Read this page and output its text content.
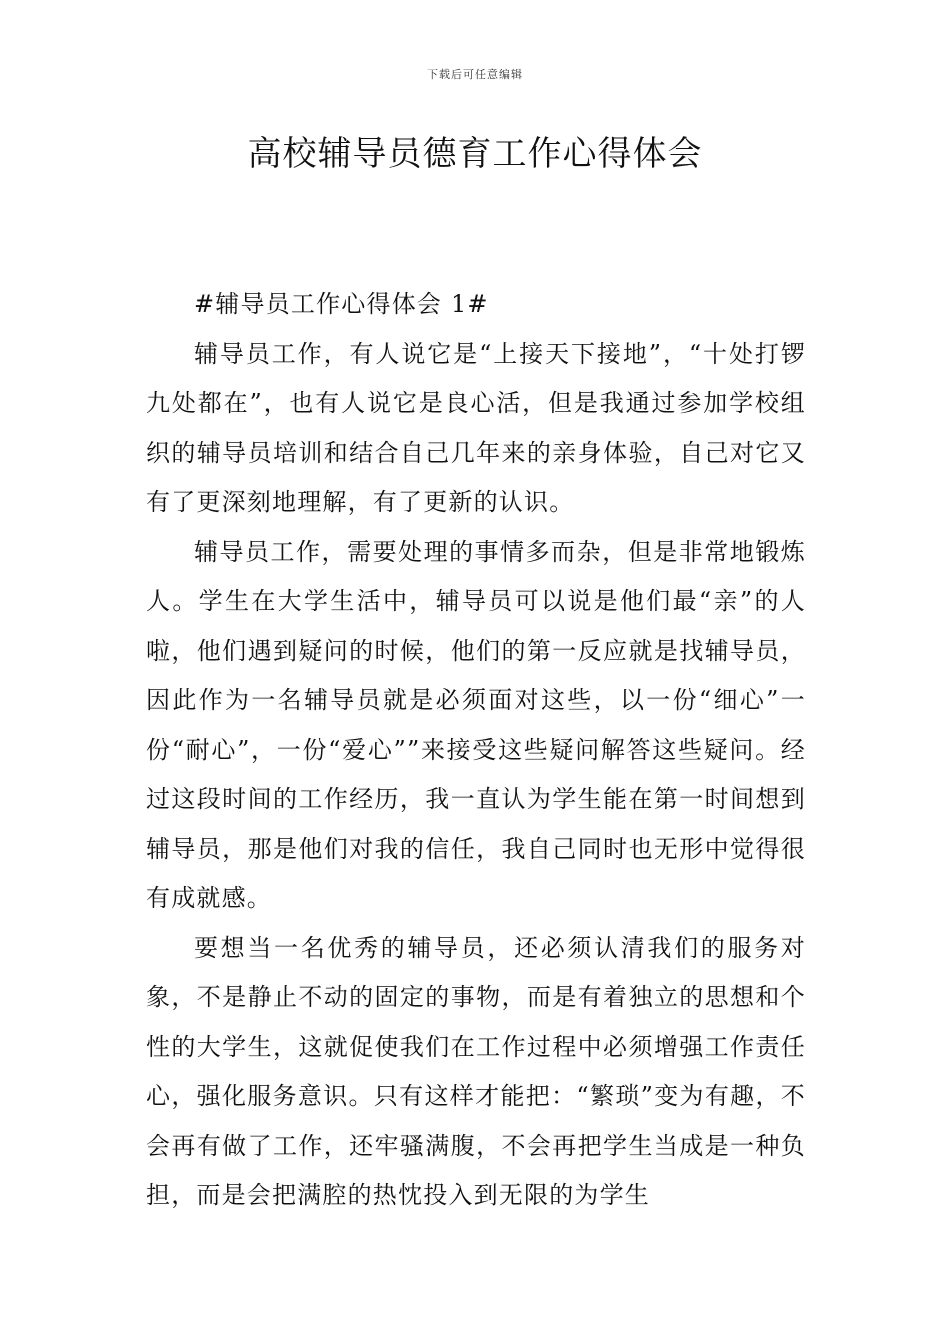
下载后可任意编辑
高校辅导员德育工作心得体会

#辅导员工作心得体会 1#

辅导员工作，有人说它是“上接天下接地”，“十处打锣九处都在”，也有人说它是良心活，但是我通过参加学校组织的辅导员培训和结合自己几年来的亲身体验，自己对它又有了更深刻地理解，有了更新的认识。

辅导员工作，需要处理的事情多而杂，但是非常地锻炼人。学生在大学生活中，辅导员可以说是他们最“亲”的人啦，他们遇到疑问的时候，他们的第一反应就是找辅导员，因此作为一名辅导员就是必须面对这些，以一份“细心”一份“耐心”，一份“爱心””来接受这些疑问解答这些疑问。经过这段时间的工作经历，我一直认为学生能在第一时间想到辅导员，那是他们对我的信任，我自己同时也无形中觉得很有成就感。

要想当一名优秀的辅导员，还必须认清我们的服务对象，不是静止不动的固定的事物，而是有着独立的思想和个性的大学生，这就促使我们在工作过程中必须增强工作责任心，强化服务意识。只有这样才能把：“繁琐”变为有趣，不会再有做了工作，还牢骚满腹，不会再把学生当成是一种负担，而是会把满腔的热忱投入到无限的为学生
